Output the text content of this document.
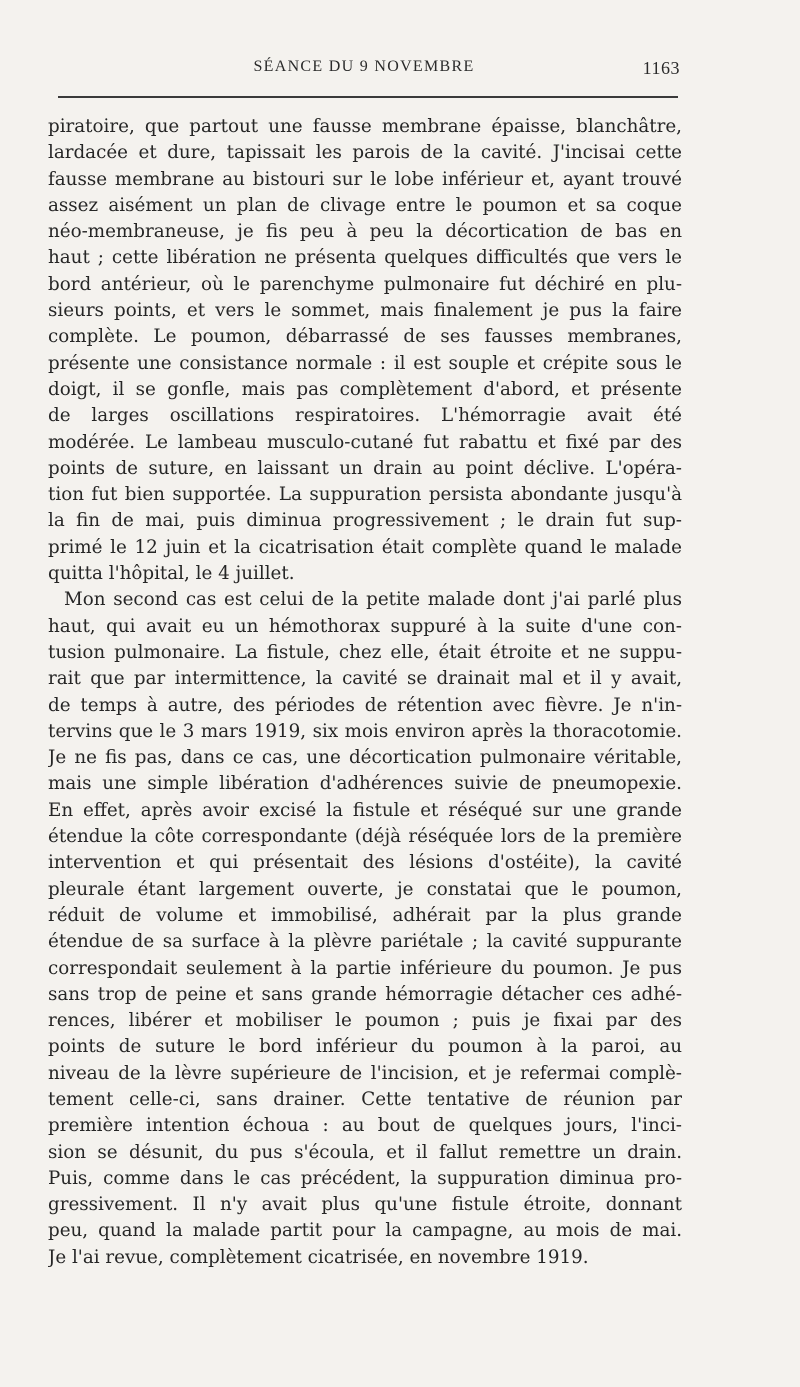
SÉANCE DU 9 NOVEMBRE	1163
piratoire, que partout une fausse membrane épaisse, blanchâtre,
lardacée et dure, tapissait les parois de la cavité. J'incisai cette
fausse membrane au bistouri sur le lobe inférieur et, ayant trouvé
assez aisément un plan de clivage entre le poumon et sa coque
néo-membraneuse, je fis peu à peu la décortication de bas en
haut ; cette libération ne présenta quelques difficultés que vers le
bord antérieur, où le parenchyme pulmonaire fut déchiré en plu-
sieurs points, et vers le sommet, mais finalement je pus la faire
complète. Le poumon, débarrassé de ses fausses membranes,
présente une consistance normale : il est souple et crépite sous le
doigt, il se gonfle, mais pas complètement d'abord, et présente
de larges oscillations respiratoires. L'hémorragie avait été
modérée. Le lambeau musculo-cutané fut rabattu et fixé par des
points de suture, en laissant un drain au point déclive. L'opéra-
tion fut bien supportée. La suppuration persista abondante jusqu'à
la fin de mai, puis diminua progressivement ; le drain fut sup-
primé le 12 juin et la cicatrisation était complète quand le malade
quitta l'hôpital, le 4 juillet.
Mon second cas est celui de la petite malade dont j'ai parlé plus
haut, qui avait eu un hémothorax suppuré à la suite d'une con-
tusion pulmonaire. La fistule, chez elle, était étroite et ne suppu-
rait que par intermittence, la cavité se drainait mal et il y avait,
de temps à autre, des périodes de rétention avec fièvre. Je n'in-
tervins que le 3 mars 1919, six mois environ après la thoracotomie.
Je ne fis pas, dans ce cas, une décortication pulmonaire véritable,
mais une simple libération d'adhérences suivie de pneumopexie.
En effet, après avoir excisé la fistule et réséqué sur une grande
étendue la côte correspondante (déjà réséquée lors de la première
intervention et qui présentait des lésions d'ostéite), la cavité
pleurale étant largement ouverte, je constatai que le poumon,
réduit de volume et immobilisé, adhérait par la plus grande
étendue de sa surface à la plèvre pariétale ; la cavité suppurante
correspondait seulement à la partie inférieure du poumon. Je pus
sans trop de peine et sans grande hémorragie détacher ces adhé-
rences, libérer et mobiliser le poumon ; puis je fixai par des
points de suture le bord inférieur du poumon à la paroi, au
niveau de la lèvre supérieure de l'incision, et je refermai complè-
tement celle-ci, sans drainer. Cette tentative de réunion par
première intention échoua : au bout de quelques jours, l'inci-
sion se désunit, du pus s'écoula, et il fallut remettre un drain.
Puis, comme dans le cas précédent, la suppuration diminua pro-
gressivement. Il n'y avait plus qu'une fistule étroite, donnant
peu, quand la malade partit pour la campagne, au mois de mai.
Je l'ai revue, complètement cicatrisée, en novembre 1919.
